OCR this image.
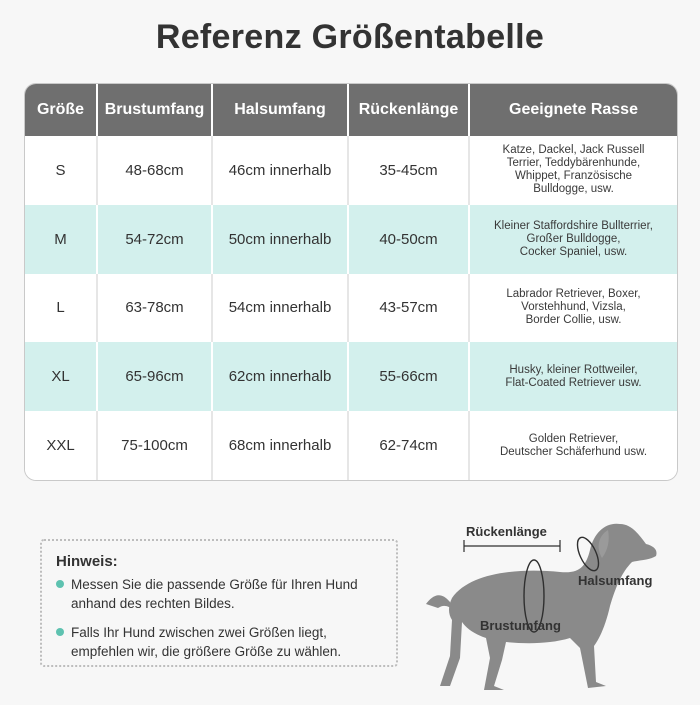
Referenz Größentabelle
Größe	Brustumfang	Halsumfang	Rückenlänge	Geeignete Rasse
S	48-68cm	46cm innerhalb	35-45cm	Katze, Dackel, Jack Russell
Terrier, Teddybärenhunde,
Whippet, Französische
Bulldogge, usw.

M	54-72cm	50cm innerhalb	40-50cm	Kleiner Staffordshire Bullterrier,
Großer Bulldogge,
Cocker Spaniel, usw.

L	63-78cm	54cm innerhalb	43-57cm	Labrador Retriever, Boxer,
Vorstehhund, Vizsla,
Border Collie, usw.

XL	65-96cm	62cm innerhalb	55-66cm	Husky, kleiner Rottweiler,
Flat-Coated Retriever usw.

XXL	75-100cm	68cm innerhalb	62-74cm	Golden Retriever,
Deutscher Schäferhund usw.
Hinweis:
Messen Sie die passende Größe für Ihren Hund anhand des rechten Bildes.
Falls Ihr Hund zwischen zwei Größen liegt, empfehlen wir, die größere Größe zu wählen.
Rückenlänge
Halsumfang
Brustumfang
